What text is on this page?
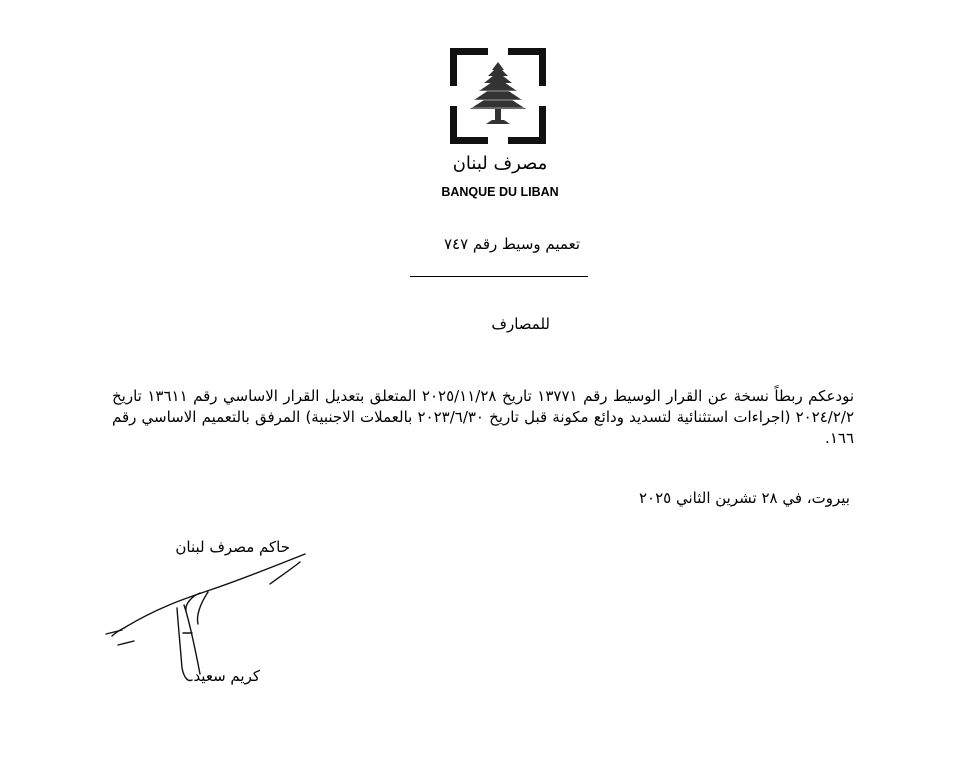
مصرف لبنان
BANQUE DU LIBAN
تعميم وسيط رقم ٧٤٧
للمصارف

نودعكم ربطاً نسخة عن القرار الوسيط رقم ١٣٧٧١ تاريخ ٢٠٢٥/١١/٢٨ المتعلق بتعديل القرار الاساسي رقم ١٣٦١١ تاريخ ٢٠٢٤/٢/٢ (اجراءات استثنائية لتسديد ودائع مكونة قبل تاريخ ٢٠٢٣/٦/٣٠ بالعملات الاجنبية) المرفق بالتعميم الاساسي رقم ١٦٦.

بيروت، في ٢٨ تشرين الثاني ٢٠٢٥
حاكم مصرف لبنان
كريم سعيد
